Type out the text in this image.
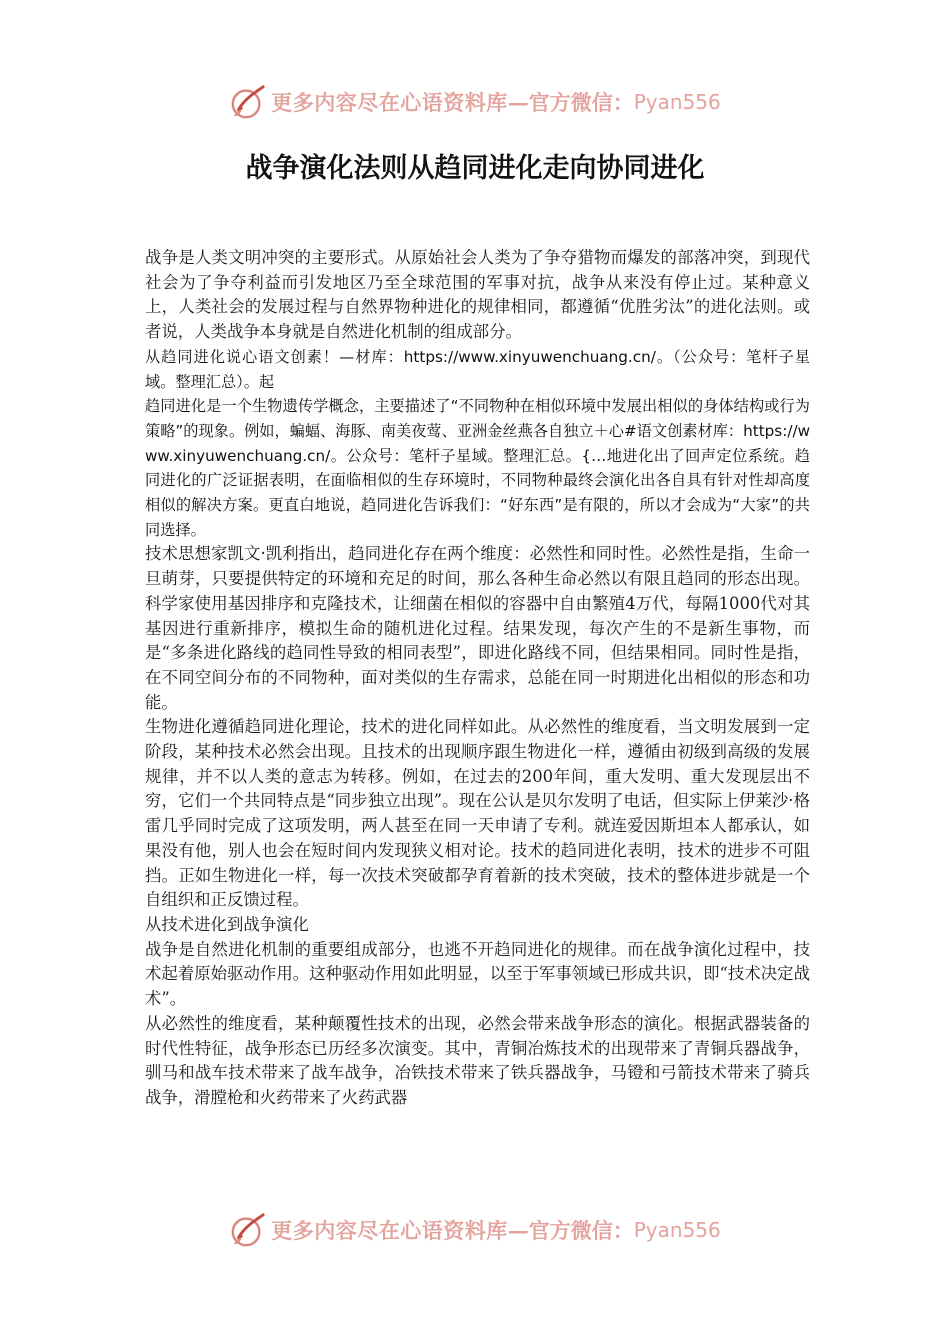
更多内容尽在心语资料库 — 官方微信： Pyan556
战争演化法则从趋同进化走向协同进化

战争是人类文明冲突的主要形式。从原始社会人类为了争夺猎物而爆发的部落冲突，到现代社会为了争夺利益而引发地区乃至全球范围的军事对抗，战争从来没有停止过。某种意义上，人类社会的发展过程与自然界物种进化的规律相同，都遵循“优胜劣汰”的进化法则。或者说，人类战争本身就是自然进化机制的组成部分。

从趋同进化说心语文创素！—材库：https://www.xinyuwenchuang.cn/。（公众号：笔杆子星域。整理汇总）。起

趋同进化是一个生物遗传学概念，主要描述了“不同物种在相似环境中发展出相似的身体结构或行为策略”的现象。例如，蝙蝠、海豚、南美夜莺、亚洲金丝燕各自独立＋心#语文创素材库：https://www.xinyuwenchuang.cn/。公众号：笔杆子星域。整理汇总。{…地进化出了回声定位系统。趋同进化的广泛证据表明，在面临相似的生存环境时，不同物种最终会演化出各自具有针对性却高度相似的解决方案。更直白地说，趋同进化告诉我们：“好东西”是有限的，所以才会成为“大家”的共同选择。

技术思想家凯文·凯利指出，趋同进化存在两个维度：必然性和同时性。必然性是指，生命一旦萌芽，只要提供特定的环境和充足的时间，那么各种生命必然以有限且趋同的形态出现。科学家使用基因排序和克隆技术，让细菌在相似的容器中自由繁殖4万代，每隔1000代对其基因进行重新排序，模拟生命的随机进化过程。结果发现，每次产生的不是新生事物，而是“多条进化路线的趋同性导致的相同表型”，即进化路线不同，但结果相同。同时性是指，在不同空间分布的不同物种，面对类似的生存需求，总能在同一时期进化出相似的形态和功能。

生物进化遵循趋同进化理论，技术的进化同样如此。从必然性的维度看，当文明发展到一定阶段，某种技术必然会出现。且技术的出现顺序跟生物进化一样，遵循由初级到高级的发展规律，并不以人类的意志为转移。例如，在过去的200年间，重大发明、重大发现层出不穷，它们一个共同特点是“同步独立出现”。现在公认是贝尔发明了电话，但实际上伊莱沙·格雷几乎同时完成了这项发明，两人甚至在同一天申请了专利。就连爱因斯坦本人都承认，如果没有他，别人也会在短时间内发现狭义相对论。技术的趋同进化表明，技术的进步不可阻挡。正如生物进化一样，每一次技术突破都孕育着新的技术突破，技术的整体进步就是一个自组织和正反馈过程。

从技术进化到战争演化

战争是自然进化机制的重要组成部分，也逃不开趋同进化的规律。而在战争演化过程中，技术起着原始驱动作用。这种驱动作用如此明显，以至于军事领域已形成共识，即“技术决定战术”。

从必然性的维度看，某种颠覆性技术的出现，必然会带来战争形态的演化。根据武器装备的时代性特征，战争形态已历经多次演变。其中，青铜冶炼技术的出现带来了青铜兵器战争，驯马和战车技术带来了战车战争，冶铁技术带来了铁兵器战争，马镫和弓箭技术带来了骑兵战争，滑膛枪和火药带来了火药武器

更多内容尽在心语资料库 — 官方微信： Pyan556
